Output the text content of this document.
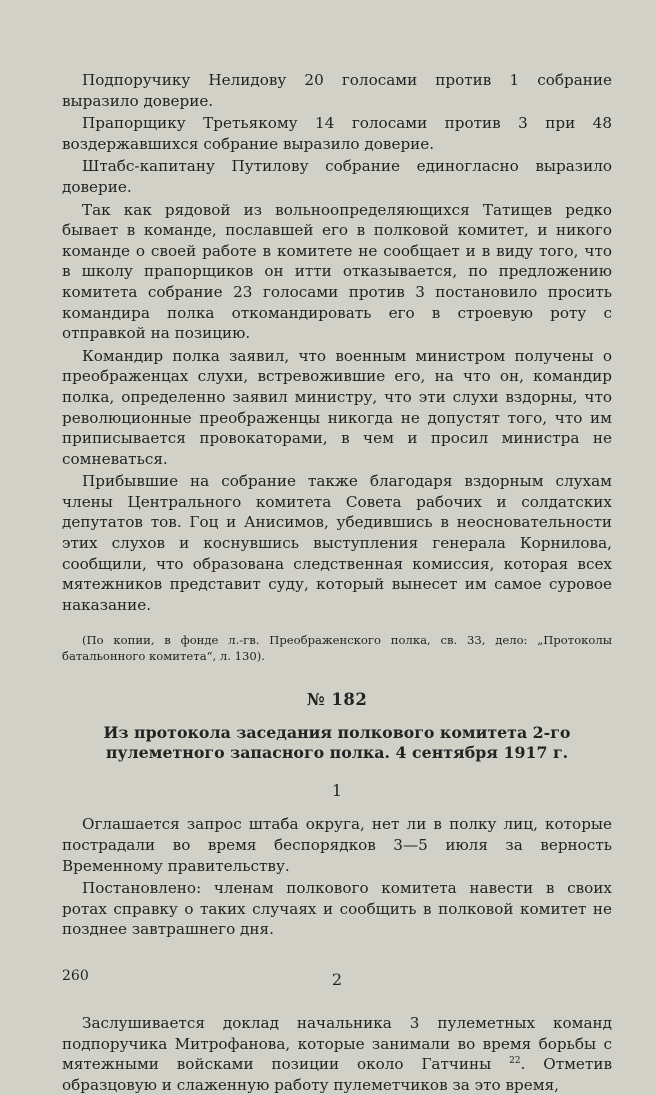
Подпоручику Нелидову 20 голосами против 1 собрание выразило доверие.

Прапорщику Третьякому 14 голосами против 3 при 48 воздержавшихся собрание выразило доверие.

Штабс-капитану Путилову собрание единогласно выразило доверие.

Так как рядовой из вольноопределяющихся Татищев редко бывает в команде, пославшей его в полковой комитет, и никого команде о своей работе в комитете не сообщает и в виду того, что в школу прапорщиков он итти отказывается, по предложению комитета собрание 23 голосами против 3 постановило просить командира полка откомандировать его в строевую роту с отправкой на позицию.

Командир полка заявил, что военным министром получены о преображенцах слухи, встревожившие его, на что он, командир полка, определенно заявил министру, что эти слухи вздорны, что революционные преображенцы никогда не допустят того, что им приписывается провокаторами, в чем и просил министра не сомневаться.

Прибывшие на собрание также благодаря вздорным слухам члены Центрального комитета Совета рабочих и солдатских депутатов тов. Гоц и Анисимов, убедившись в неосновательности этих слухов и коснувшись выступления генерала Корнилова, сообщили, что образована следственная комиссия, которая всех мятежников представит суду, который вынесет им самое суровое наказание.

(По копии, в фонде л.-гв. Преображенского полка, св. 33, дело: „Протоколы батальонного комитета“, л. 130).

№ 182
Из протокола заседания полкового комитета 2-го пулеметного запасного полка. 4 сентября 1917 г.
1

Оглашается запрос штаба округа, нет ли в полку лиц, которые пострадали во время беспорядков 3—5 июля за верность Временному правительству.

Постановлено: членам полкового комитета навести в своих ротах справку о таких случаях и сообщить в полковой комитет не позднее завтрашнего дня.

2

Заслушивается доклад начальника 3 пулеметных команд подпоручика Митрофанова, которые занимали во время борьбы с мятежными войсками позиции около Гатчины $^{22}$. Отметив образцовую и слаженную работу пулеметчиков за это время,

260
